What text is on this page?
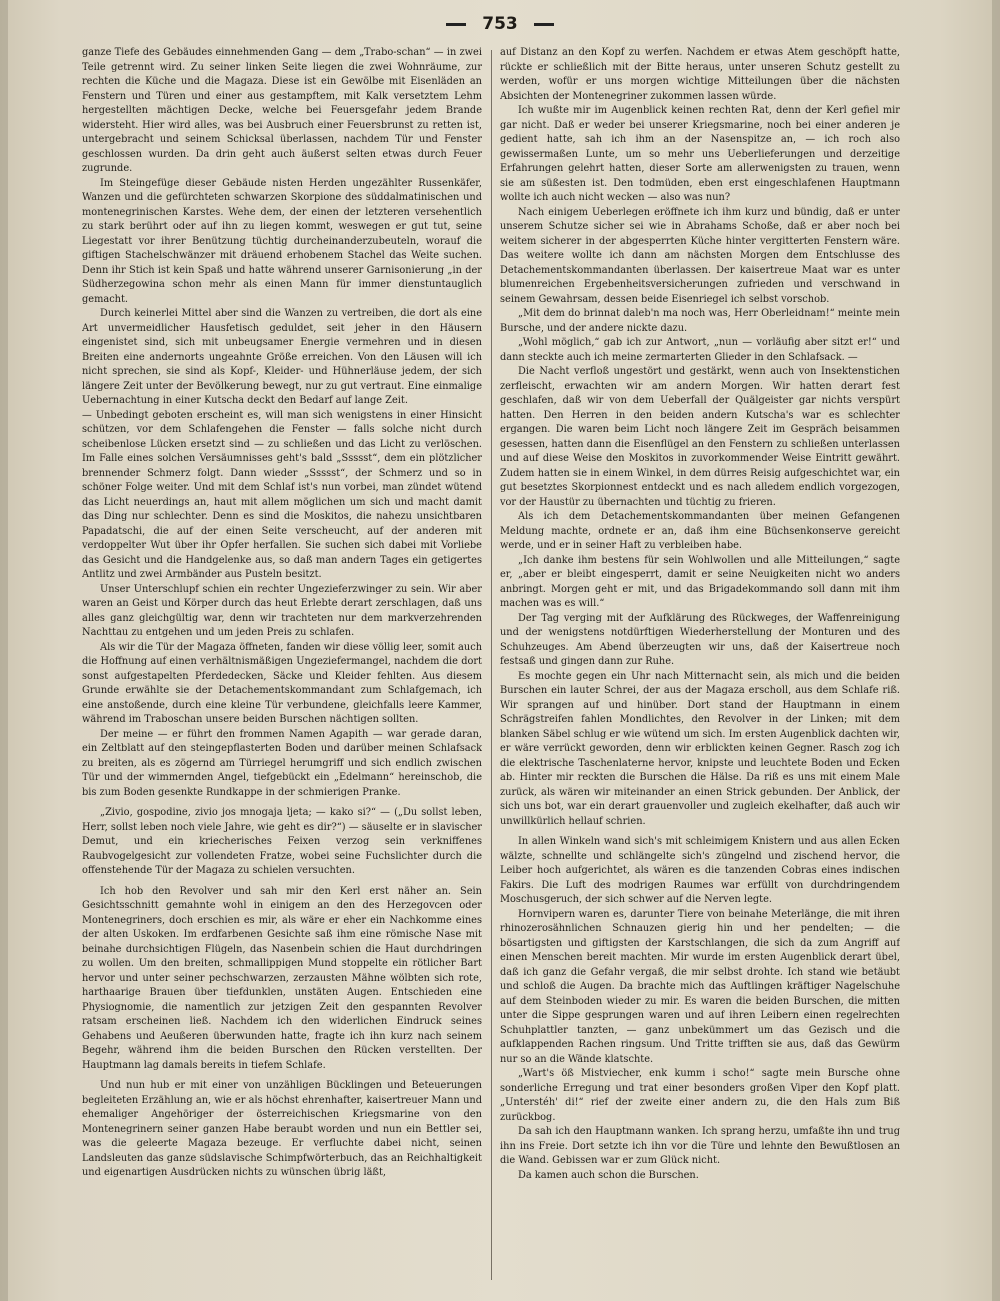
753

ganze Tiefe des Gebäudes einnehmenden Gang — dem „Trabo-schan“ — in zwei Teile getrennt wird. Zu seiner linken Seite liegen die zwei Wohnräume, zur rechten die Küche und die Magaza. Diese ist ein Gewölbe mit Eisenläden an Fenstern und Türen und einer aus gestampftem, mit Kalk versetztem Lehm hergestellten mächtigen Decke, welche bei Feuersgefahr jedem Brande widersteht. Hier wird alles, was bei Ausbruch einer Feuersbrunst zu retten ist, untergebracht und seinem Schicksal überlassen, nachdem Tür und Fenster geschlossen wurden. Da drin geht auch äußerst selten etwas durch Feuer zugrunde.

Im Steingefüge dieser Gebäude nisten Herden ungezählter Russenkäfer, Wanzen und die gefürchteten schwarzen Skorpione des süddalmatinischen und montenegrinischen Karstes. Wehe dem, der einen der letzteren versehentlich zu stark berührt oder auf ihn zu liegen kommt, weswegen er gut tut, seine Liegestatt vor ihrer Benützung tüchtig durcheinanderzubeuteln, worauf die giftigen Stachelschwänzer mit dräuend erhobenem Stachel das Weite suchen. Denn ihr Stich ist kein Spaß und hatte während unserer Garnisonierung „in der Südherzegowina schon mehr als einen Mann für immer dienstuntauglich gemacht.

Durch keinerlei Mittel aber sind die Wanzen zu vertreiben, die dort als eine Art unvermeidlicher Hausfetisch geduldet, seit jeher in den Häusern eingenistet sind, sich mit unbeugsamer Energie vermehren und in diesen Breiten eine andernorts ungeahnte Größe erreichen. Von den Läusen will ich nicht sprechen, sie sind als Kopf-, Kleider- und Hühnerläuse jedem, der sich längere Zeit unter der Bevölkerung bewegt, nur zu gut vertraut. Eine einmalige Uebernachtung in einer Kutscha deckt den Bedarf auf lange Zeit.

— Unbedingt geboten erscheint es, will man sich wenigstens in einer Hinsicht schützen, vor dem Schlafengehen die Fenster — falls solche nicht durch scheibenlose Lücken ersetzt sind — zu schließen und das Licht zu verlöschen. Im Falle eines solchen Versäumnisses geht's bald „Ssssst“, dem ein plötzlicher brennender Schmerz folgt. Dann wieder „Ssssst“, der Schmerz und so in schöner Folge weiter. Und mit dem Schlaf ist's nun vorbei, man zündet wütend das Licht neuerdings an, haut mit allem möglichen um sich und macht damit das Ding nur schlechter. Denn es sind die Moskitos, die nahezu unsichtbaren Papadatschi, die auf der einen Seite verscheucht, auf der anderen mit verdoppelter Wut über ihr Opfer herfallen. Sie suchen sich dabei mit Vorliebe das Gesicht und die Handgelenke aus, so daß man andern Tages ein getigertes Antlitz und zwei Armbänder aus Pusteln besitzt.

Unser Unterschlupf schien ein rechter Ungezieferzwinger zu sein. Wir aber waren an Geist und Körper durch das heut Erlebte derart zerschlagen, daß uns alles ganz gleichgültig war, denn wir trachteten nur dem markverzehrenden Nachttau zu entgehen und um jeden Preis zu schlafen.

Als wir die Tür der Magaza öffneten, fanden wir diese völlig leer, somit auch die Hoffnung auf einen verhältnismäßigen Ungeziefermangel, nachdem die dort sonst aufgestapelten Pferdedecken, Säcke und Kleider fehlten. Aus diesem Grunde erwählte sie der Detachementskommandant zum Schlafgemach, ich eine anstoßende, durch eine kleine Tür verbundene, gleichfalls leere Kammer, während im Traboschan unsere beiden Burschen nächtigen sollten.

Der meine — er führt den frommen Namen Agapith — war gerade daran, ein Zeltblatt auf den steingepflasterten Boden und darüber meinen Schlafsack zu breiten, als es zögernd am Türriegel herumgriff und sich endlich zwischen Tür und der wimmernden Angel, tiefgebückt ein „Edelmann“ hereinschob, die bis zum Boden gesenkte Rundkappe in der schmierigen Pranke.

„Zivio, gospodine, zivio jos mnogaja ljeta; — kako si?“ — („Du sollst leben, Herr, sollst leben noch viele Jahre, wie geht es dir?“) — säuselte er in slavischer Demut, und ein kriecherisches Feixen verzog sein verkniffenes Raubvogelgesicht zur vollendeten Fratze, wobei seine Fuchslichter durch die offenstehende Tür der Magaza zu schielen versuchten.

Ich hob den Revolver und sah mir den Kerl erst näher an. Sein Gesichtsschnitt gemahnte wohl in einigem an den des Herzegovcen oder Montenegriners, doch erschien es mir, als wäre er eher ein Nachkomme eines der alten Uskoken. Im erdfarbenen Gesichte saß ihm eine römische Nase mit beinahe durchsichtigen Flügeln, das Nasenbein schien die Haut durchdringen zu wollen. Um den breiten, schmallippigen Mund stoppelte ein rötlicher Bart hervor und unter seiner pechschwarzen, zerzausten Mähne wölbten sich rote, harthaarige Brauen über tiefdunklen, unstäten Augen. Entschieden eine Physiognomie, die namentlich zur jetzigen Zeit den gespannten Revolver ratsam erscheinen ließ. Nachdem ich den widerlichen Eindruck seines Gehabens und Aeußeren überwunden hatte, fragte ich ihn kurz nach seinem Begehr, während ihm die beiden Burschen den Rücken verstellten. Der Hauptmann lag damals bereits in tiefem Schlafe.

Und nun hub er mit einer von unzähligen Bücklingen und Beteuerungen begleiteten Erzählung an, wie er als höchst ehrenhafter, kaisertreuer Mann und ehemaliger Angehöriger der österreichischen Kriegsmarine von den Montenegrinern seiner ganzen Habe beraubt worden und nun ein Bettler sei, was die geleerte Magaza bezeuge. Er verfluchte dabei nicht, seinen Landsleuten das ganze südslavische Schimpfwörterbuch, das an Reichhaltigkeit und eigenartigen Ausdrücken nichts zu wünschen übrig läßt,

auf Distanz an den Kopf zu werfen. Nachdem er etwas Atem geschöpft hatte, rückte er schließlich mit der Bitte heraus, unter unseren Schutz gestellt zu werden, wofür er uns morgen wichtige Mitteilungen über die nächsten Absichten der Montenegriner zukommen lassen würde.

Ich wußte mir im Augenblick keinen rechten Rat, denn der Kerl gefiel mir gar nicht. Daß er weder bei unserer Kriegsmarine, noch bei einer anderen je gedient hatte, sah ich ihm an der Nasenspitze an, — ich roch also gewissermaßen Lunte, um so mehr uns Ueberlieferungen und derzeitige Erfahrungen gelehrt hatten, dieser Sorte am allerwenigsten zu trauen, wenn sie am süßesten ist. Den todmüden, eben erst eingeschlafenen Hauptmann wollte ich auch nicht wecken — also was nun?

Nach einigem Ueberlegen eröffnete ich ihm kurz und bündig, daß er unter unserem Schutze sicher sei wie in Abrahams Schoße, daß er aber noch bei weitem sicherer in der abgesperrten Küche hinter vergitterten Fenstern wäre. Das weitere wollte ich dann am nächsten Morgen dem Entschlusse des Detachementskommandanten überlassen. Der kaisertreue Maat war es unter blumenreichen Ergebenheitsversicherungen zufrieden und verschwand in seinem Gewahrsam, dessen beide Eisenriegel ich selbst vorschob.

„Mit dem do brinnat daleb'n ma noch was, Herr Oberleidnam!“ meinte mein Bursche, und der andere nickte dazu.

„Wohl möglich,“ gab ich zur Antwort, „nun — vorläufig aber sitzt er!“ und dann steckte auch ich meine zermarterten Glieder in den Schlafsack. —

Die Nacht verfloß ungestört und gestärkt, wenn auch von Insektenstichen zerfleischt, erwachten wir am andern Morgen. Wir hatten derart fest geschlafen, daß wir von dem Ueberfall der Quälgeister gar nichts verspürt hatten. Den Herren in den beiden andern Kutscha's war es schlechter ergangen. Die waren beim Licht noch längere Zeit im Gespräch beisammen gesessen, hatten dann die Eisenflügel an den Fenstern zu schließen unterlassen und auf diese Weise den Moskitos in zuvorkommender Weise Eintritt gewährt. Zudem hatten sie in einem Winkel, in dem dürres Reisig aufgeschichtet war, ein gut besetztes Skorpionnest entdeckt und es nach alledem endlich vorgezogen, vor der Haustür zu übernachten und tüchtig zu frieren.

Als ich dem Detachementskommandanten über meinen Gefangenen Meldung machte, ordnete er an, daß ihm eine Büchsenkonserve gereicht werde, und er in seiner Haft zu verbleiben habe.

„Ich danke ihm bestens für sein Wohlwollen und alle Mitteilungen,“ sagte er, „aber er bleibt eingesperrt, damit er seine Neuigkeiten nicht wo anders anbringt. Morgen geht er mit, und das Brigadekommando soll dann mit ihm machen was es will.“

Der Tag verging mit der Aufklärung des Rückweges, der Waffenreinigung und der wenigstens notdürftigen Wiederherstellung der Monturen und des Schuhzeuges. Am Abend überzeugten wir uns, daß der Kaisertreue noch festsaß und gingen dann zur Ruhe.

Es mochte gegen ein Uhr nach Mitternacht sein, als mich und die beiden Burschen ein lauter Schrei, der aus der Magaza erscholl, aus dem Schlafe riß. Wir sprangen auf und hinüber. Dort stand der Hauptmann in einem Schrägstreifen fahlen Mondlichtes, den Revolver in der Linken; mit dem blanken Säbel schlug er wie wütend um sich. Im ersten Augenblick dachten wir, er wäre verrückt geworden, denn wir erblickten keinen Gegner. Rasch zog ich die elektrische Taschenlaterne hervor, knipste und leuchtete Boden und Ecken ab. Hinter mir reckten die Burschen die Hälse. Da riß es uns mit einem Male zurück, als wären wir miteinander an einen Strick gebunden. Der Anblick, der sich uns bot, war ein derart grauenvoller und zugleich ekelhafter, daß auch wir unwillkürlich hellauf schrien.

In allen Winkeln wand sich's mit schleimigem Knistern und aus allen Ecken wälzte, schnellte und schlängelte sich's züngelnd und zischend hervor, die Leiber hoch aufgerichtet, als wären es die tanzenden Cobras eines indischen Fakirs. Die Luft des modrigen Raumes war erfüllt von durchdringendem Moschusgeruch, der sich schwer auf die Nerven legte.

Hornvipern waren es, darunter Tiere von beinahe Meterlänge, die mit ihren rhinozerosähnlichen Schnauzen gierig hin und her pendelten; — die bösartigsten und giftigsten der Karstschlangen, die sich da zum Angriff auf einen Menschen bereit machten. Mir wurde im ersten Augenblick derart übel, daß ich ganz die Gefahr vergaß, die mir selbst drohte. Ich stand wie betäubt und schloß die Augen. Da brachte mich das Auftlingen kräftiger Nagelschuhe auf dem Steinboden wieder zu mir. Es waren die beiden Burschen, die mitten unter die Sippe gesprungen waren und auf ihren Leibern einen regelrechten Schuhplattler tanzten, — ganz unbekümmert um das Gezisch und die aufklappenden Rachen ringsum. Und Tritte trifften sie aus, daß das Gewürm nur so an die Wände klatschte.

„Wart's öß Mistviecher, enk kumm i scho!“ sagte mein Bursche ohne sonderliche Erregung und trat einer besonders großen Viper den Kopf platt. „Unterstéh' di!“ rief der zweite einer andern zu, die den Hals zum Biß zurückbog.

Da sah ich den Hauptmann wanken. Ich sprang herzu, umfaßte ihn und trug ihn ins Freie. Dort setzte ich ihn vor die Türe und lehnte den Bewußtlosen an die Wand. Gebissen war er zum Glück nicht.

Da kamen auch schon die Burschen.
